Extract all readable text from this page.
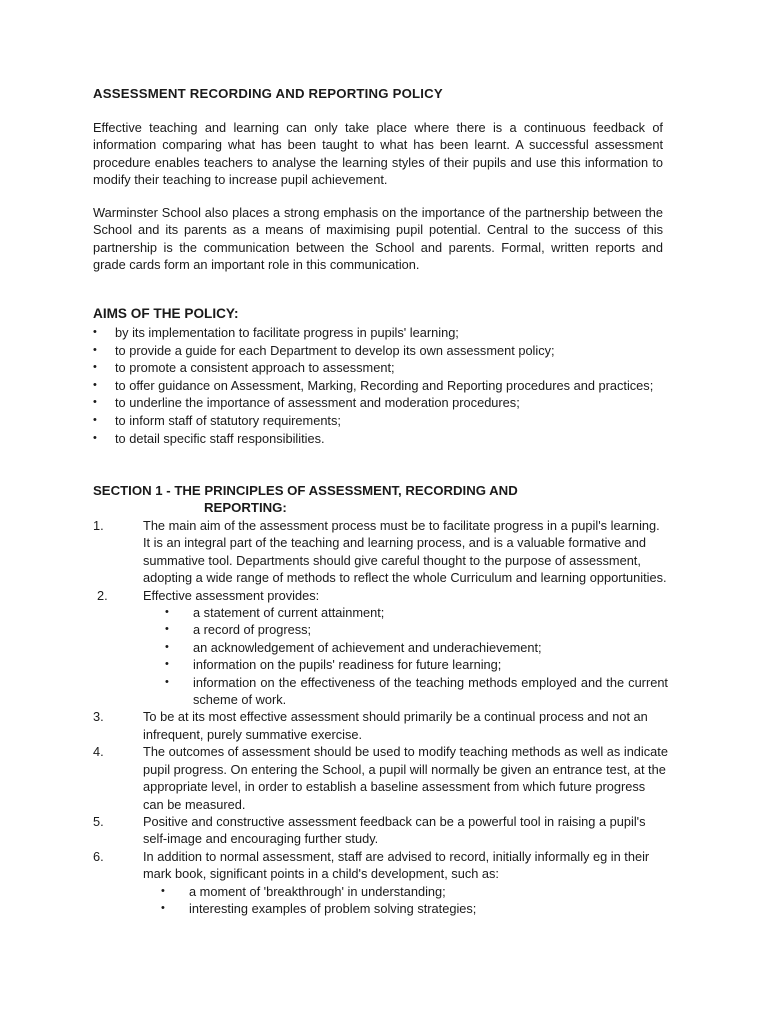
ASSESSMENT RECORDING AND REPORTING POLICY

Effective teaching and learning can only take place where there is a continuous feedback of information comparing what has been taught to what has been learnt. A successful assessment procedure enables teachers to analyse the learning styles of their pupils and use this information to modify their teaching to increase pupil achievement.

Warminster School also places a strong emphasis on the importance of the partnership between the School and its parents as a means of maximising pupil potential. Central to the success of this partnership is the communication between the School and parents. Formal, written reports and grade cards form an important role in this communication.

AIMS OF THE POLICY:
• by its implementation to facilitate progress in pupils' learning;
• to provide a guide for each Department to develop its own assessment policy;
• to promote a consistent approach to assessment;
• to offer guidance on Assessment, Marking, Recording and Reporting procedures and practices;
• to underline the importance of assessment and moderation procedures;
• to inform staff of statutory requirements;
• to detail specific staff responsibilities.
SECTION 1 - THE PRINCIPLES OF ASSESSMENT, RECORDING AND
REPORTING:
1.	The main aim of the assessment process must be to facilitate progress in a pupil's learning. It is an integral part of the teaching and learning process, and is a valuable formative and summative tool. Departments should give careful thought to the purpose of assessment, adopting a wide range of methods to reflect the whole Curriculum and learning opportunities.
2.	Effective assessment provides:
• a statement of current attainment;
• a record of progress;
• an acknowledgement of achievement and underachievement;
• information on the pupils' readiness for future learning;
• information on the effectiveness of the teaching methods employed and the current scheme of work.
3.	To be at its most effective assessment should primarily be a continual process and not an infrequent, purely summative exercise.
4.	The outcomes of assessment should be used to modify teaching methods as well as indicate pupil progress. On entering the School, a pupil will normally be given an entrance test, at the appropriate level, in order to establish a baseline assessment from which future progress can be measured.
5.	Positive and constructive assessment feedback can be a powerful tool in raising a pupil's self-image and encouraging further study.
6.	In addition to normal assessment, staff are advised to record, initially informally eg in their mark book, significant points in a child's development, such as:
• a moment of 'breakthrough' in understanding;
• interesting examples of problem solving strategies;
